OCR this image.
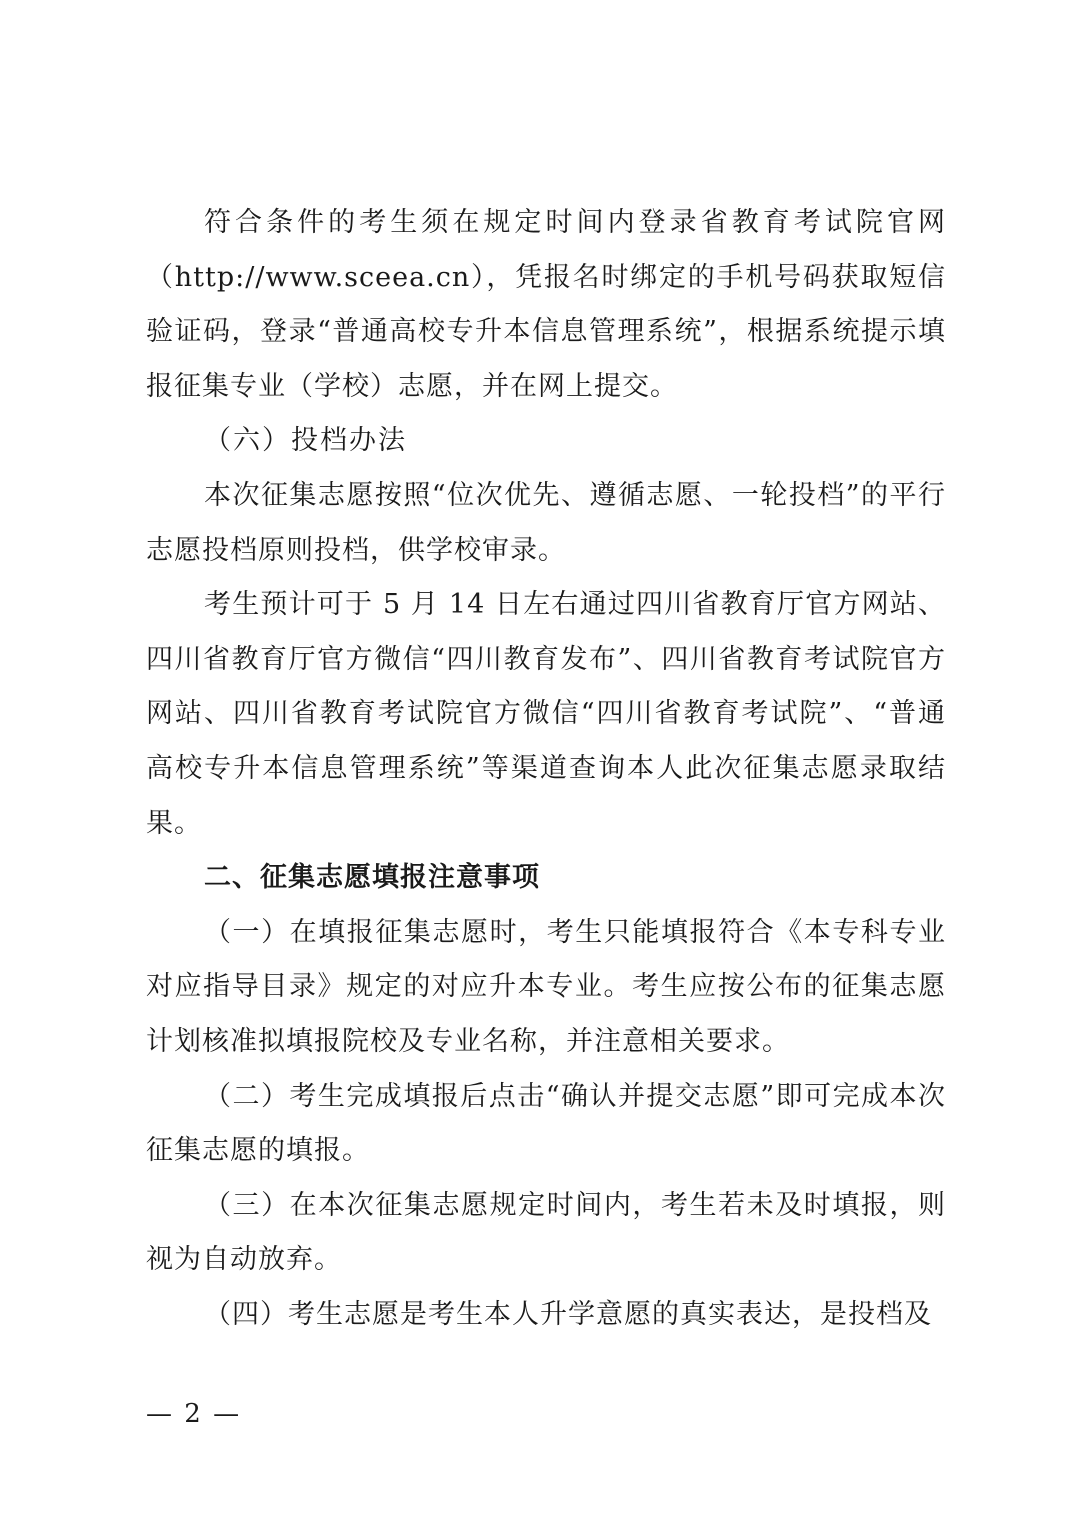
符合条件的考生须在规定时间内登录省教育考试院官网（http://www.sceea.cn），凭报名时绑定的手机号码获取短信验证码，登录“普通高校专升本信息管理系统”，根据系统提示填报征集专业（学校）志愿，并在网上提交。

（六）投档办法

本次征集志愿按照“位次优先、遵循志愿、一轮投档”的平行志愿投档原则投档，供学校审录。

考生预计可于 5 月 14 日左右通过四川省教育厅官方网站、四川省教育厅官方微信“四川教育发布”、四川省教育考试院官方网站、四川省教育考试院官方微信“四川省教育考试院”、“普通高校专升本信息管理系统”等渠道查询本人此次征集志愿录取结果。

二、征集志愿填报注意事项

（一）在填报征集志愿时，考生只能填报符合《本专科专业对应指导目录》规定的对应升本专业。考生应按公布的征集志愿计划核准拟填报院校及专业名称，并注意相关要求。

（二）考生完成填报后点击“确认并提交志愿”即可完成本次征集志愿的填报。

（三）在本次征集志愿规定时间内，考生若未及时填报，则视为自动放弃。

（四）考生志愿是考生本人升学意愿的真实表达，是投档及

— 2 —
